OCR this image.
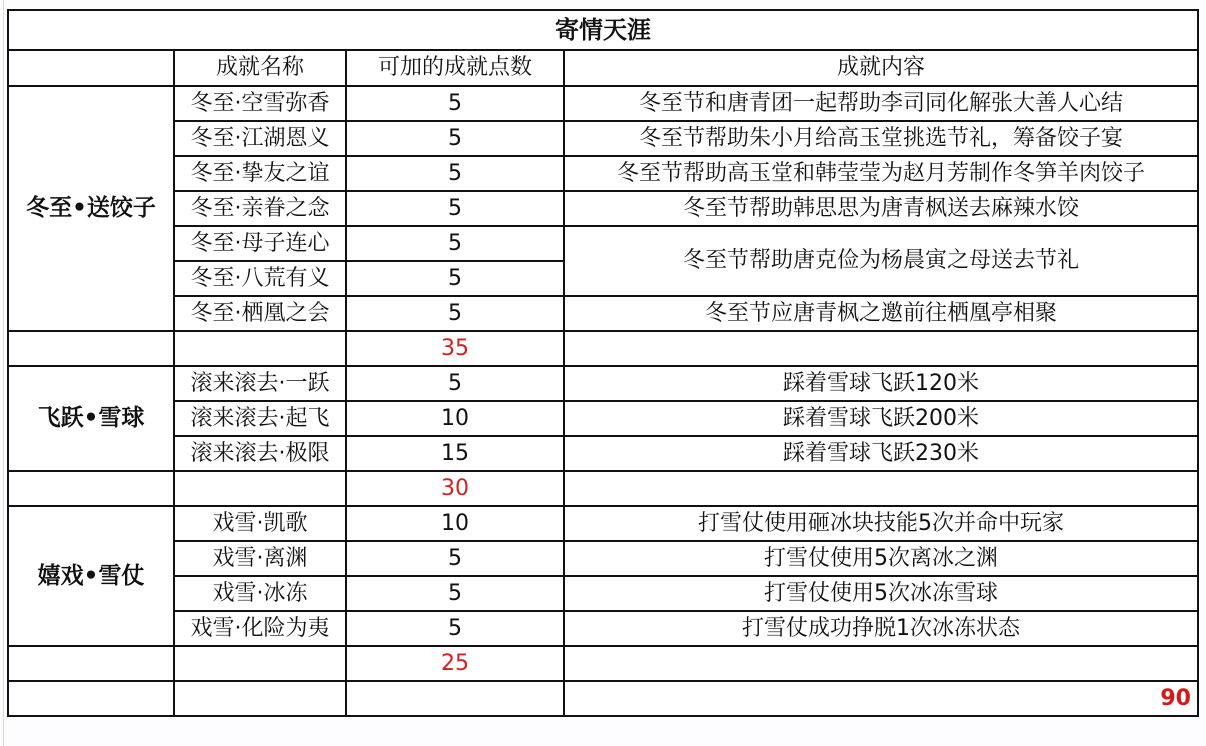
寄情天涯			
	成就名称	可加的成就点数	成就内容
冬至•送饺子	冬至·空雪弥香	5	冬至节和唐青团一起帮助李司同化解张大善人心结
	冬至·江湖恩义	5	冬至节帮助朱小月给高玉堂挑选节礼，筹备饺子宴
	冬至·挚友之谊	5	冬至节帮助高玉堂和韩莹莹为赵月芳制作冬笋羊肉饺子
	冬至·亲眷之念	5	冬至节帮助韩思思为唐青枫送去麻辣水饺
	冬至·母子连心	5	冬至节帮助唐克俭为杨晨寅之母送去节礼
	冬至·八荒有义	5	
	冬至·栖凰之会	5	冬至节应唐青枫之邀前往栖凰亭相聚
		35	
飞跃•雪球	滚来滚去·一跃	5	踩着雪球飞跃120米
	滚来滚去·起飞	10	踩着雪球飞跃200米
	滚来滚去·极限	15	踩着雪球飞跃230米
		30	
嬉戏•雪仗	戏雪·凯歌	10	打雪仗使用砸冰块技能5次并命中玩家
	戏雪·离渊	5	打雪仗使用5次离冰之渊
	戏雪·冰冻	5	打雪仗使用5次冰冻雪球
	戏雪·化险为夷	5	打雪仗成功挣脱1次冰冻状态
		25	
			90
